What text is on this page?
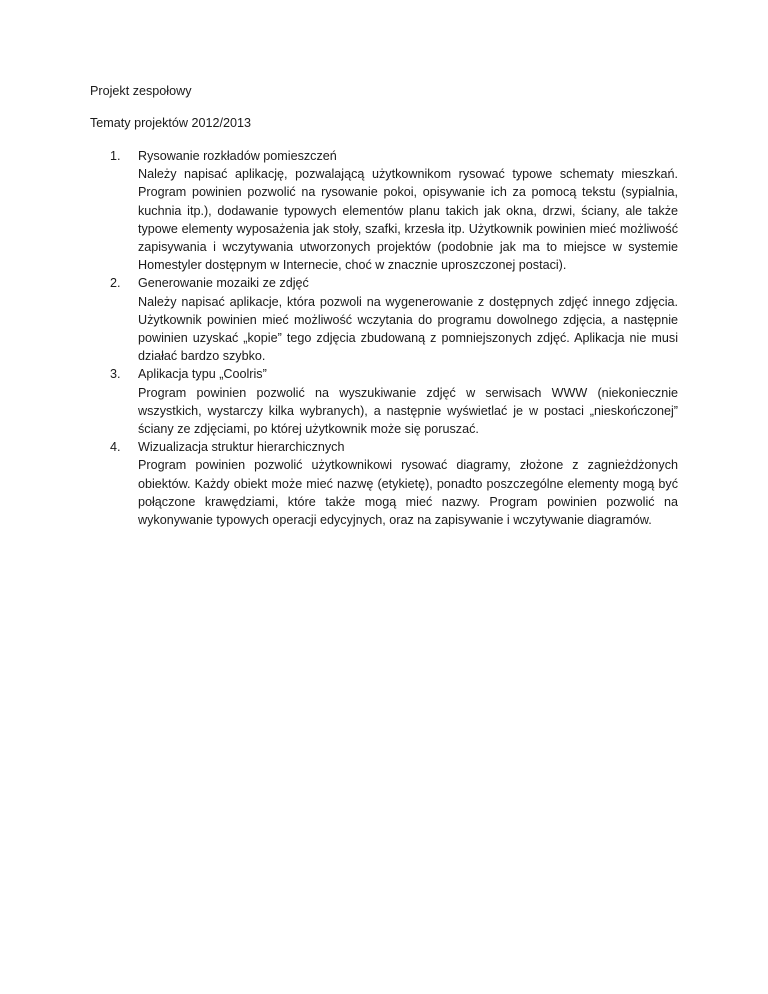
Projekt zespołowy

Tematy projektów 2012/2013

1. Rysowanie rozkładów pomieszczeń

Należy napisać aplikację, pozwalającą użytkownikom rysować typowe schematy mieszkań. Program powinien pozwolić na rysowanie pokoi, opisywanie ich za pomocą tekstu (sypialnia, kuchnia itp.), dodawanie typowych elementów planu takich jak okna, drzwi, ściany, ale także typowe elementy wyposażenia jak stoły, szafki, krzesła itp. Użytkownik powinien mieć możliwość zapisywania i wczytywania utworzonych projektów (podobnie jak ma to miejsce w systemie Homestyler dostępnym w Internecie, choć w znacznie uproszczonej postaci).

2. Generowanie mozaiki ze zdjęć

Należy napisać aplikacje, która pozwoli na wygenerowanie z dostępnych zdjęć innego zdjęcia. Użytkownik powinien mieć możliwość wczytania do programu dowolnego zdjęcia, a następnie powinien uzyskać „kopie” tego zdjęcia zbudowaną z pomniejszonych zdjęć. Aplikacja nie musi działać bardzo szybko.

3. Aplikacja typu „Coolris”

Program powinien pozwolić na wyszukiwanie zdjęć w serwisach WWW (niekoniecznie wszystkich, wystarczy kilka wybranych), a następnie wyświetlać je w postaci „nieskończonej” ściany ze zdjęciami, po której użytkownik może się poruszać.

4. Wizualizacja struktur hierarchicznych

Program powinien pozwolić użytkownikowi rysować diagramy, złożone z zagnieżdżonych obiektów. Każdy obiekt może mieć nazwę (etykietę), ponadto poszczególne elementy mogą być połączone krawędziami, które także mogą mieć nazwy. Program powinien pozwolić na wykonywanie typowych operacji edycyjnych, oraz na zapisywanie i wczytywanie diagramów.
